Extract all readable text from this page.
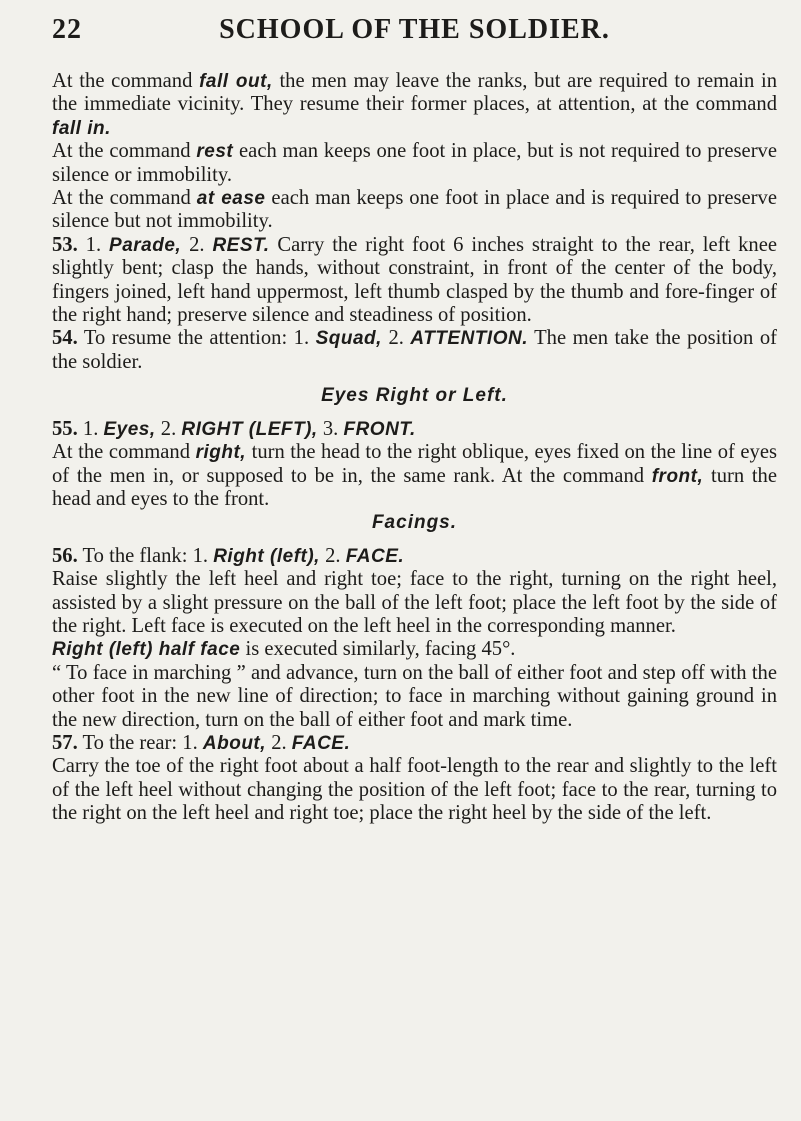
22	SCHOOL OF THE SOLDIER.

At the command fall out, the men may leave the ranks, but are required to remain in the immediate vicinity. They resume their former places, at attention, at the command fall in.

At the command rest each man keeps one foot in place, but is not required to preserve silence or immobility.

At the command at ease each man keeps one foot in place and is required to preserve silence but not immobility.

53. 1. Parade, 2. REST. Carry the right foot 6 inches straight to the rear, left knee slightly bent; clasp the hands, without constraint, in front of the center of the body, fingers joined, left hand uppermost, left thumb clasped by the thumb and fore-finger of the right hand; preserve silence and steadiness of position.

54. To resume the attention: 1. Squad, 2. ATTENTION. The men take the position of the soldier.

Eyes Right or Left.

55. 1. Eyes, 2. RIGHT (LEFT), 3. FRONT.

At the command right, turn the head to the right oblique, eyes fixed on the line of eyes of the men in, or supposed to be in, the same rank. At the command front, turn the head and eyes to the front.

Facings.

56. To the flank: 1. Right (left), 2. FACE.

Raise slightly the left heel and right toe; face to the right, turning on the right heel, assisted by a slight pressure on the ball of the left foot; place the left foot by the side of the right. Left face is executed on the left heel in the corresponding manner.

Right (left) half face is executed similarly, facing 45°.

“ To face in marching ” and advance, turn on the ball of either foot and step off with the other foot in the new line of direction; to face in marching without gaining ground in the new direction, turn on the ball of either foot and mark time.

57. To the rear: 1. About, 2. FACE.

Carry the toe of the right foot about a half foot-length to the rear and slightly to the left of the left heel without changing the position of the left foot; face to the rear, turning to the right on the left heel and right toe; place the right heel by the side of the left.
